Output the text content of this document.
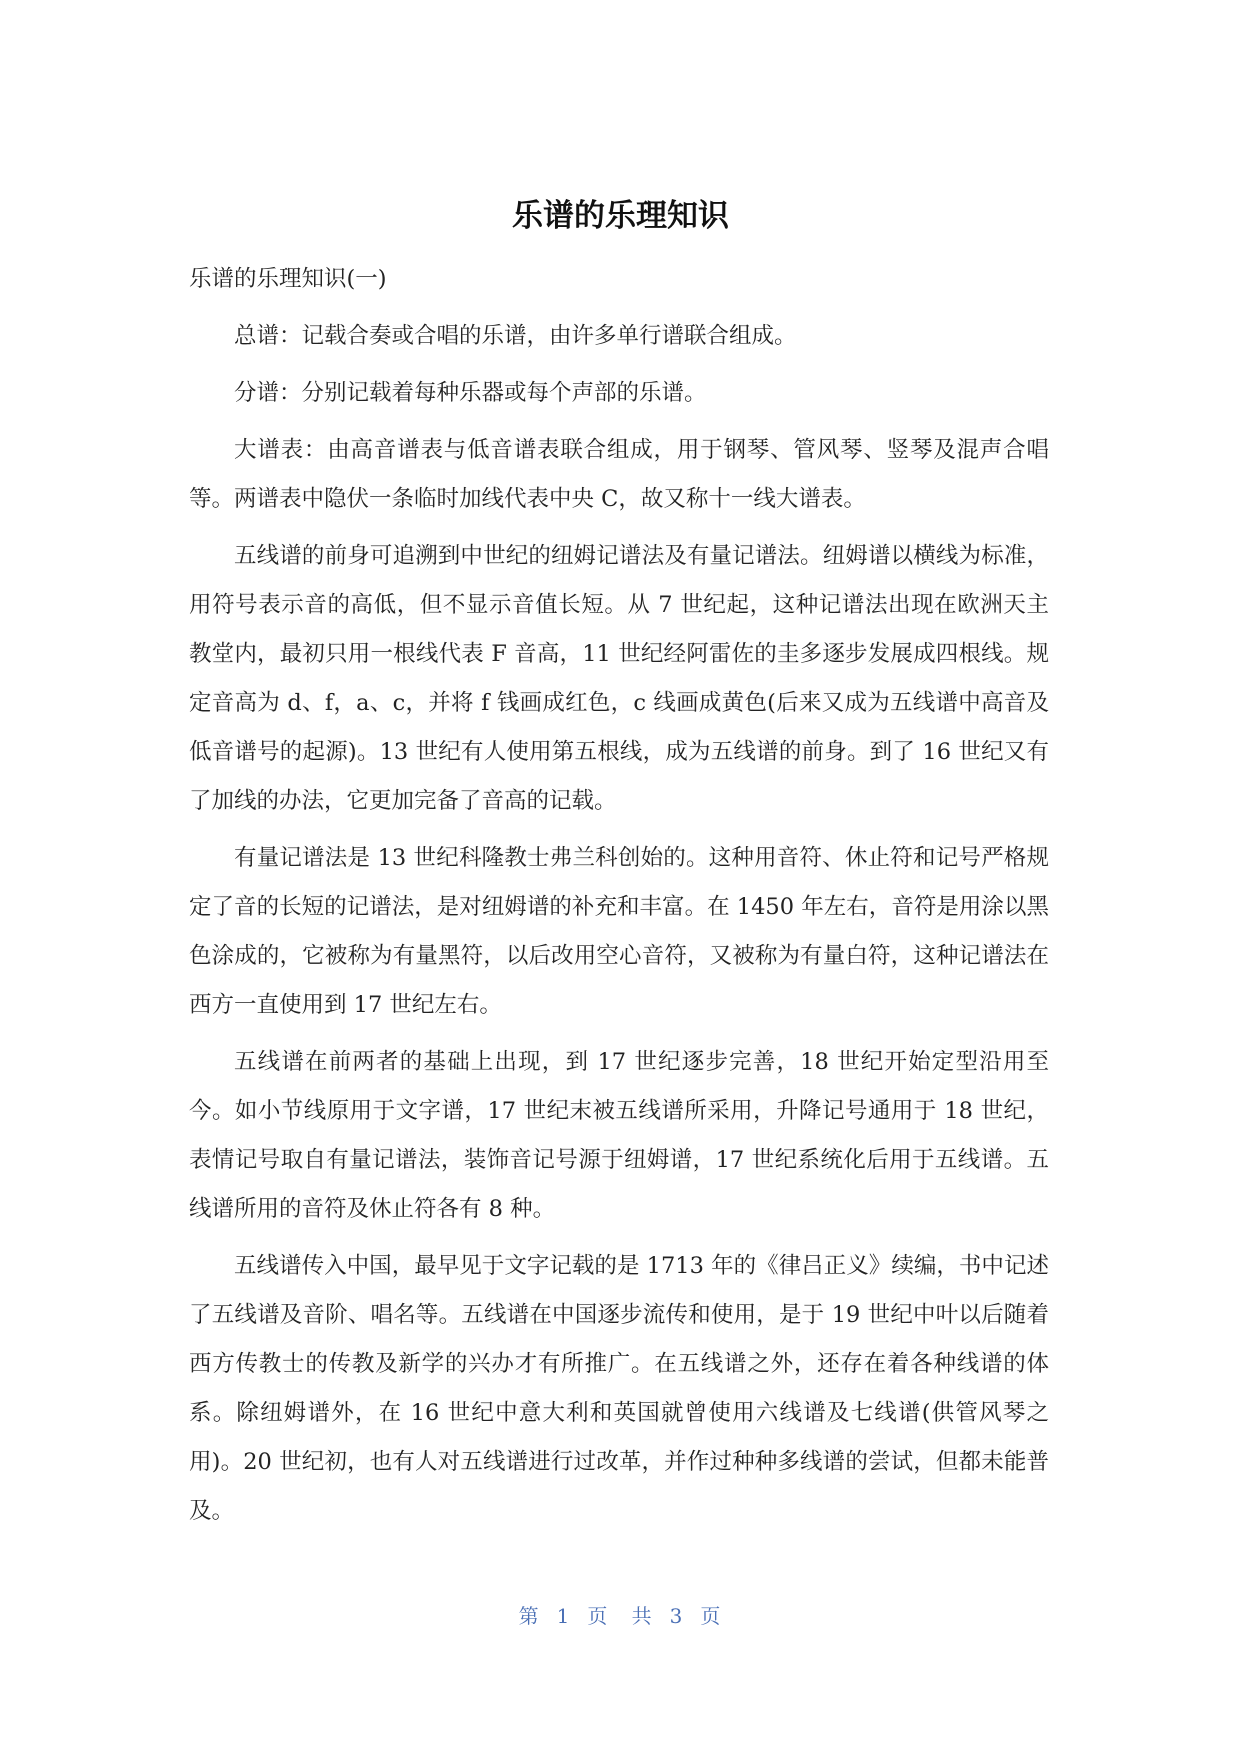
乐谱的乐理知识

乐谱的乐理知识(一)

总谱：记载合奏或合唱的乐谱，由许多单行谱联合组成。

分谱：分别记载着每种乐器或每个声部的乐谱。

大谱表：由高音谱表与低音谱表联合组成，用于钢琴、管风琴、竖琴及混声合唱等。两谱表中隐伏一条临时加线代表中央 C，故又称十一线大谱表。

五线谱的前身可追溯到中世纪的纽姆记谱法及有量记谱法。纽姆谱以横线为标准，用符号表示音的高低，但不显示音值长短。从 7 世纪起，这种记谱法出现在欧洲天主教堂内，最初只用一根线代表 F 音高，11 世纪经阿雷佐的圭多逐步发展成四根线。规定音高为 d、f，a、c，并将 f 钱画成红色，c 线画成黄色(后来又成为五线谱中高音及低音谱号的起源)。13 世纪有人使用第五根线，成为五线谱的前身。到了 16 世纪又有了加线的办法，它更加完备了音高的记载。

有量记谱法是 13 世纪科隆教士弗兰科创始的。这种用音符、休止符和记号严格规定了音的长短的记谱法，是对纽姆谱的补充和丰富。在 1450 年左右，音符是用涂以黑色涂成的，它被称为有量黑符，以后改用空心音符，又被称为有量白符，这种记谱法在西方一直使用到 17 世纪左右。

五线谱在前两者的基础上出现，到 17 世纪逐步完善，18 世纪开始定型沿用至今。如小节线原用于文字谱，17 世纪末被五线谱所采用，升降记号通用于 18 世纪，表情记号取自有量记谱法，装饰音记号源于纽姆谱，17 世纪系统化后用于五线谱。五线谱所用的音符及休止符各有 8 种。

五线谱传入中国，最早见于文字记载的是 1713 年的《律吕正义》续编，书中记述了五线谱及音阶、唱名等。五线谱在中国逐步流传和使用，是于 19 世纪中叶以后随着西方传教士的传教及新学的兴办才有所推广。在五线谱之外，还存在着各种线谱的体系。除纽姆谱外，在 16 世纪中意大利和英国就曾使用六线谱及七线谱(供管风琴之用)。20 世纪初，也有人对五线谱进行过改革，并作过种种多线谱的尝试，但都未能普及。

第 1 页 共 3 页
